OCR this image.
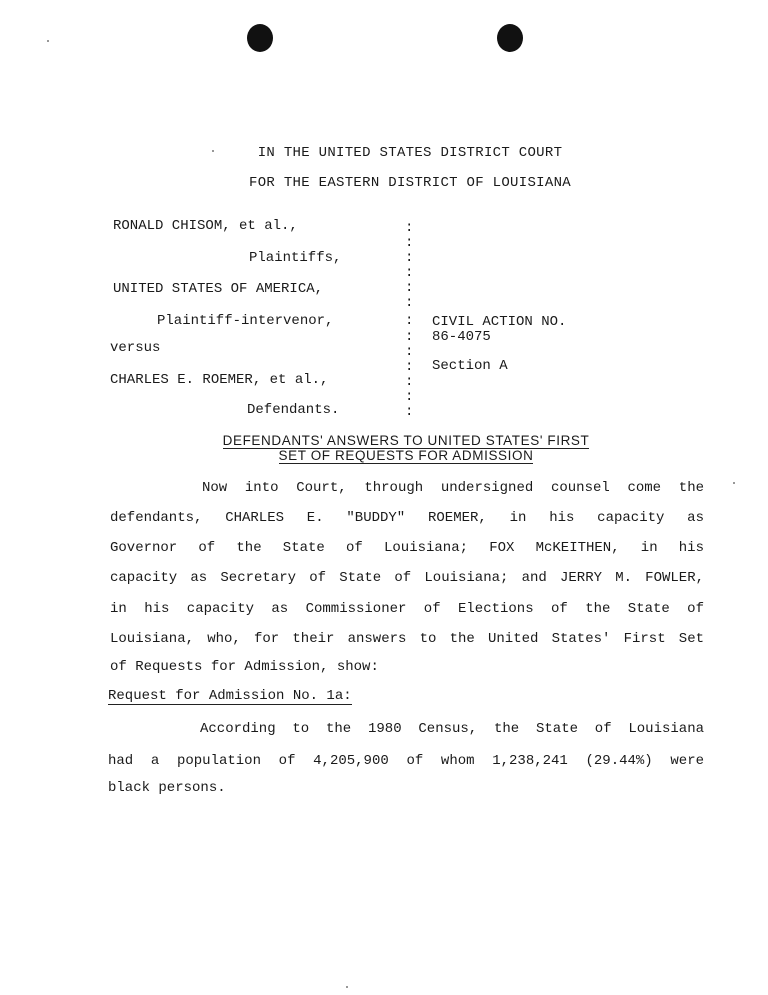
IN THE UNITED STATES DISTRICT COURT
FOR THE EASTERN DISTRICT OF LOUISIANA
RONALD CHISOM, et al.,
Plaintiffs,
UNITED STATES OF AMERICA,
Plaintiff-intervenor,
versus
CHARLES E. ROEMER, et al.,
Defendants.
CIVIL ACTION NO.
86-4075
Section A
:
:
:
:
:
:
:
:
:
:
:
:
:
DEFENDANTS' ANSWERS TO UNITED STATES' FIRST
SET OF REQUESTS FOR ADMISSION
Now into Court, through undersigned counsel come the
defendants, CHARLES E. "BUDDY" ROEMER, in his capacity as
Governor of the State of Louisiana; FOX McKEITHEN, in his
capacity as Secretary of State of Louisiana; and JERRY M. FOWLER,
in his capacity as Commissioner of Elections of the State of
Louisiana, who, for their answers to the United States' First Set
of Requests for Admission, show:
Request for Admission No. 1a:
According to the 1980 Census, the State of Louisiana
had a population of 4,205,900 of whom 1,238,241 (29.44%) were
black persons.
